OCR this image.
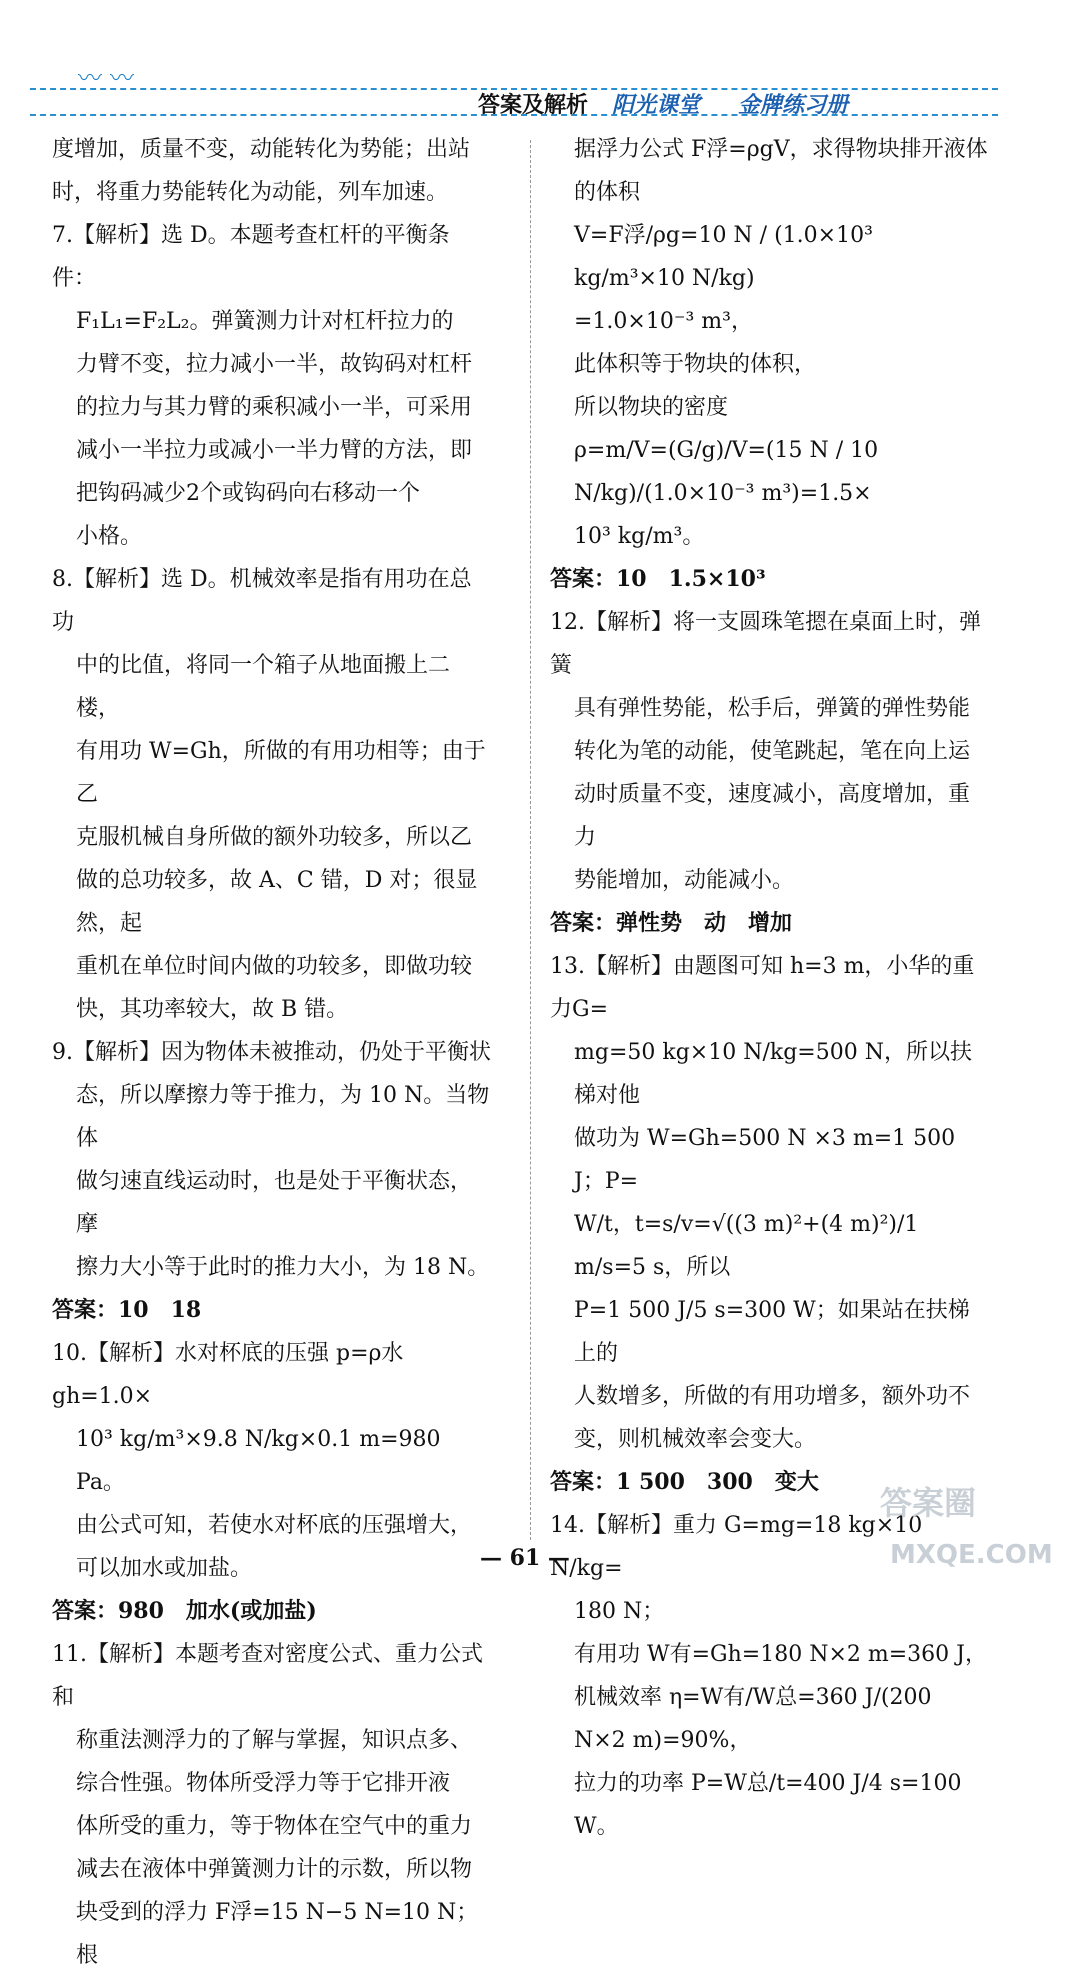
〰 〰
答案及解析 阳光课堂 金牌练习册
度增加，质量不变，动能转化为势能；出站
时，将重力势能转化为动能，列车加速。
7.【解析】选 D。本题考查杠杆的平衡条件：
F₁L₁=F₂L₂。弹簧测力计对杠杆拉力的
力臂不变，拉力减小一半，故钩码对杠杆
的拉力与其力臂的乘积减小一半，可采用
减小一半拉力或减小一半力臂的方法，即
把钩码减少2个或钩码向右移动一个
小格。
8.【解析】选 D。机械效率是指有用功在总功
中的比值，将同一个箱子从地面搬上二楼，
有用功 W=Gh，所做的有用功相等；由于乙
克服机械自身所做的额外功较多，所以乙
做的总功较多，故 A、C 错，D 对；很显然，起
重机在单位时间内做的功较多，即做功较
快，其功率较大，故 B 错。
9.【解析】因为物体未被推动，仍处于平衡状
态，所以摩擦力等于推力，为 10 N。当物体
做匀速直线运动时，也是处于平衡状态，摩
擦力大小等于此时的推力大小，为 18 N。
答案：10　18
10.【解析】水对杯底的压强 p=ρ水 gh=1.0×
10³ kg/m³×9.8 N/kg×0.1 m=980 Pa。
由公式可知，若使水对杯底的压强增大，
可以加水或加盐。
答案：980　加水(或加盐)
11.【解析】本题考查对密度公式、重力公式和
称重法测浮力的了解与掌握，知识点多、
综合性强。物体所受浮力等于它排开液
体所受的重力，等于物体在空气中的重力
减去在液体中弹簧测力计的示数，所以物
块受到的浮力 F浮=15 N−5 N=10 N；根
据浮力公式 F浮=ρgV，求得物块排开液体
的体积
V=F浮/ρg=10 N / (1.0×10³ kg/m³×10 N/kg)
=1.0×10⁻³ m³，
此体积等于物块的体积，
所以物块的密度
ρ=m/V=(G/g)/V=(15 N / 10 N/kg)/(1.0×10⁻³ m³)=1.5×
10³ kg/m³。
答案：10　1.5×10³
12.【解析】将一支圆珠笔摁在桌面上时，弹簧
具有弹性势能，松手后，弹簧的弹性势能
转化为笔的动能，使笔跳起，笔在向上运
动时质量不变，速度减小，高度增加，重力
势能增加，动能减小。
答案：弹性势　动　增加
13.【解析】由题图可知 h=3 m，小华的重力G=
mg=50 kg×10 N/kg=500 N，所以扶梯对他
做功为 W=Gh=500 N ×3 m=1 500 J；P=
W/t，t=s/v=√((3 m)²+(4 m)²)/1 m/s=5 s，所以
P=1 500 J/5 s=300 W；如果站在扶梯上的
人数增多，所做的有用功增多，额外功不
变，则机械效率会变大。
答案：1 500　300　变大
14.【解析】重力 G=mg=18 kg×10 N/kg=
180 N；
有用功 W有=Gh=180 N×2 m=360 J，
机械效率 η=W有/W总=360 J/(200 N×2 m)=90%，
拉力的功率 P=W总/t=400 J/4 s=100 W。
— 61 —
答案圈
MXQE.COM
